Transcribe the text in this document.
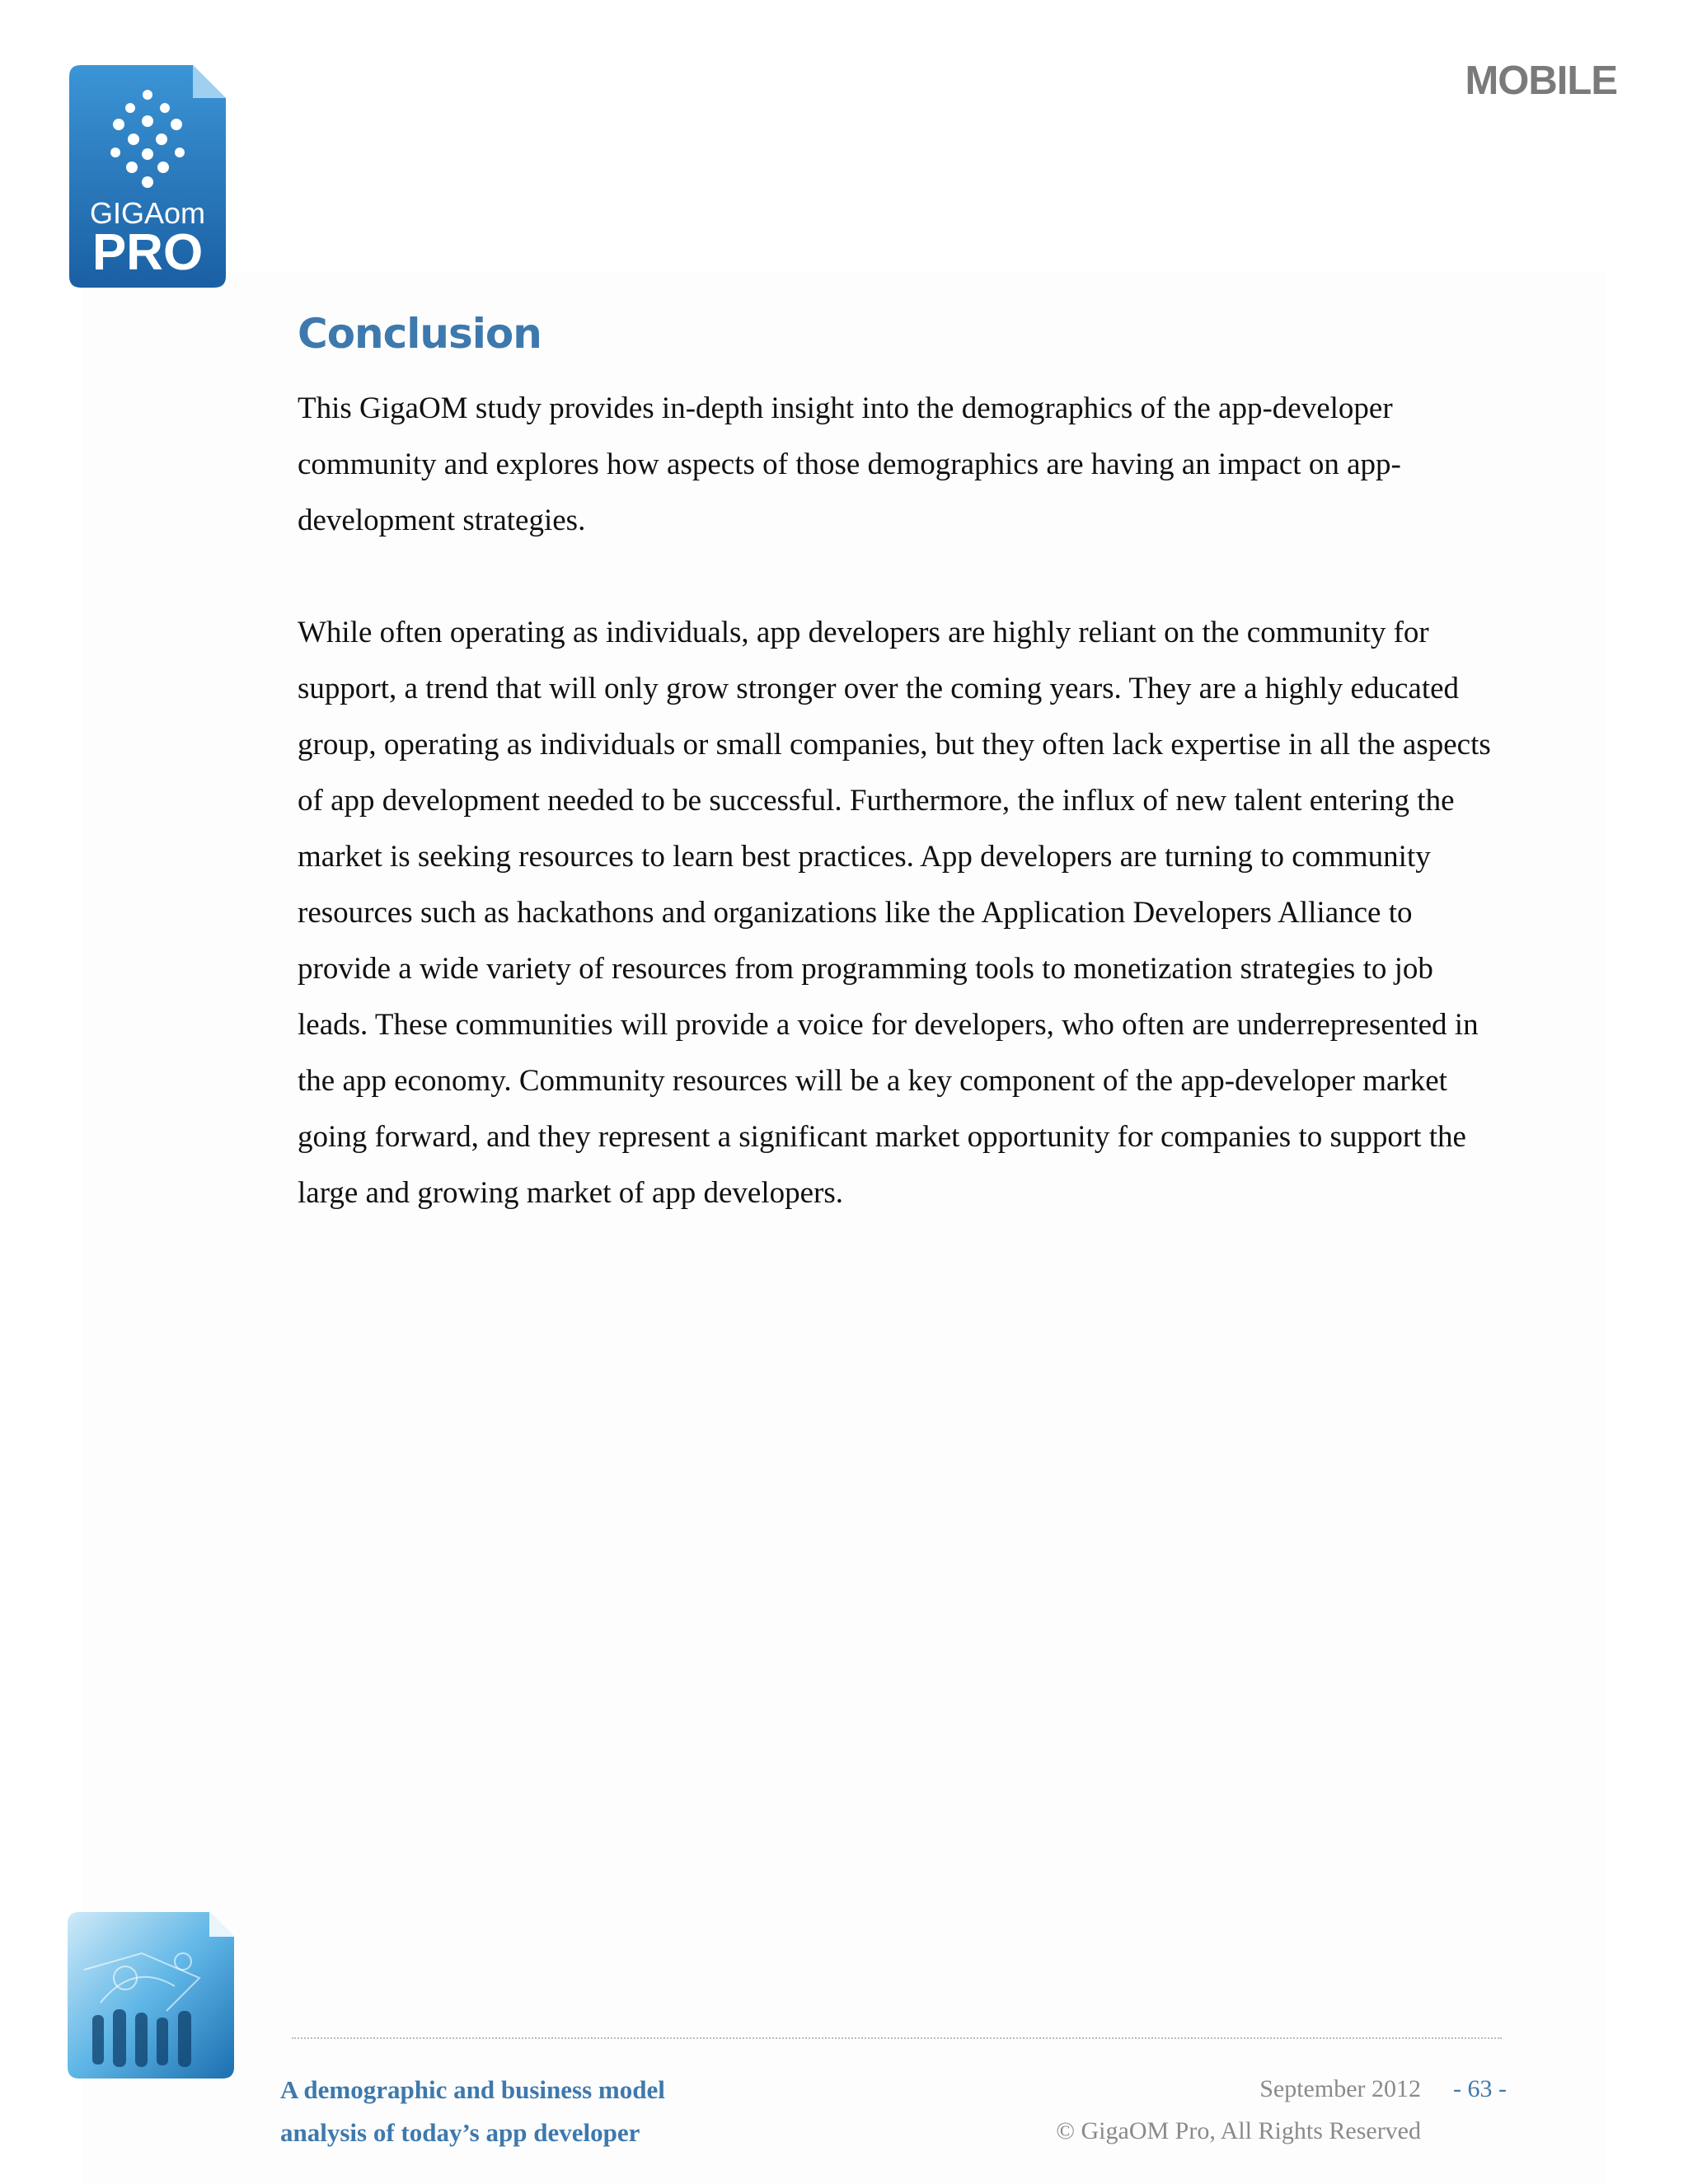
GIGAom
PRO
MOBILE
Conclusion

This GigaOM study provides in-depth insight into the demographics of the app-developer community and explores how aspects of those demographics are having an impact on app-development strategies.

While often operating as individuals, app developers are highly reliant on the community for support, a trend that will only grow stronger over the coming years. They are a highly educated group, operating as individuals or small companies, but they often lack expertise in all the aspects of app development needed to be successful. Furthermore, the influx of new talent entering the market is seeking resources to learn best practices. App developers are turning to community resources such as hackathons and organizations like the Application Developers Alliance to provide a wide variety of resources from programming tools to monetization strategies to job leads. These communities will provide a voice for developers, who often are underrepresented in the app economy. Community resources will be a key component of the app-developer market going forward, and they represent a significant market opportunity for companies to support the large and growing market of app developers.

A demographic and business model
analysis of today’s app developer
September 2012 - 63 -
© GigaOM Pro, All Rights Reserved
